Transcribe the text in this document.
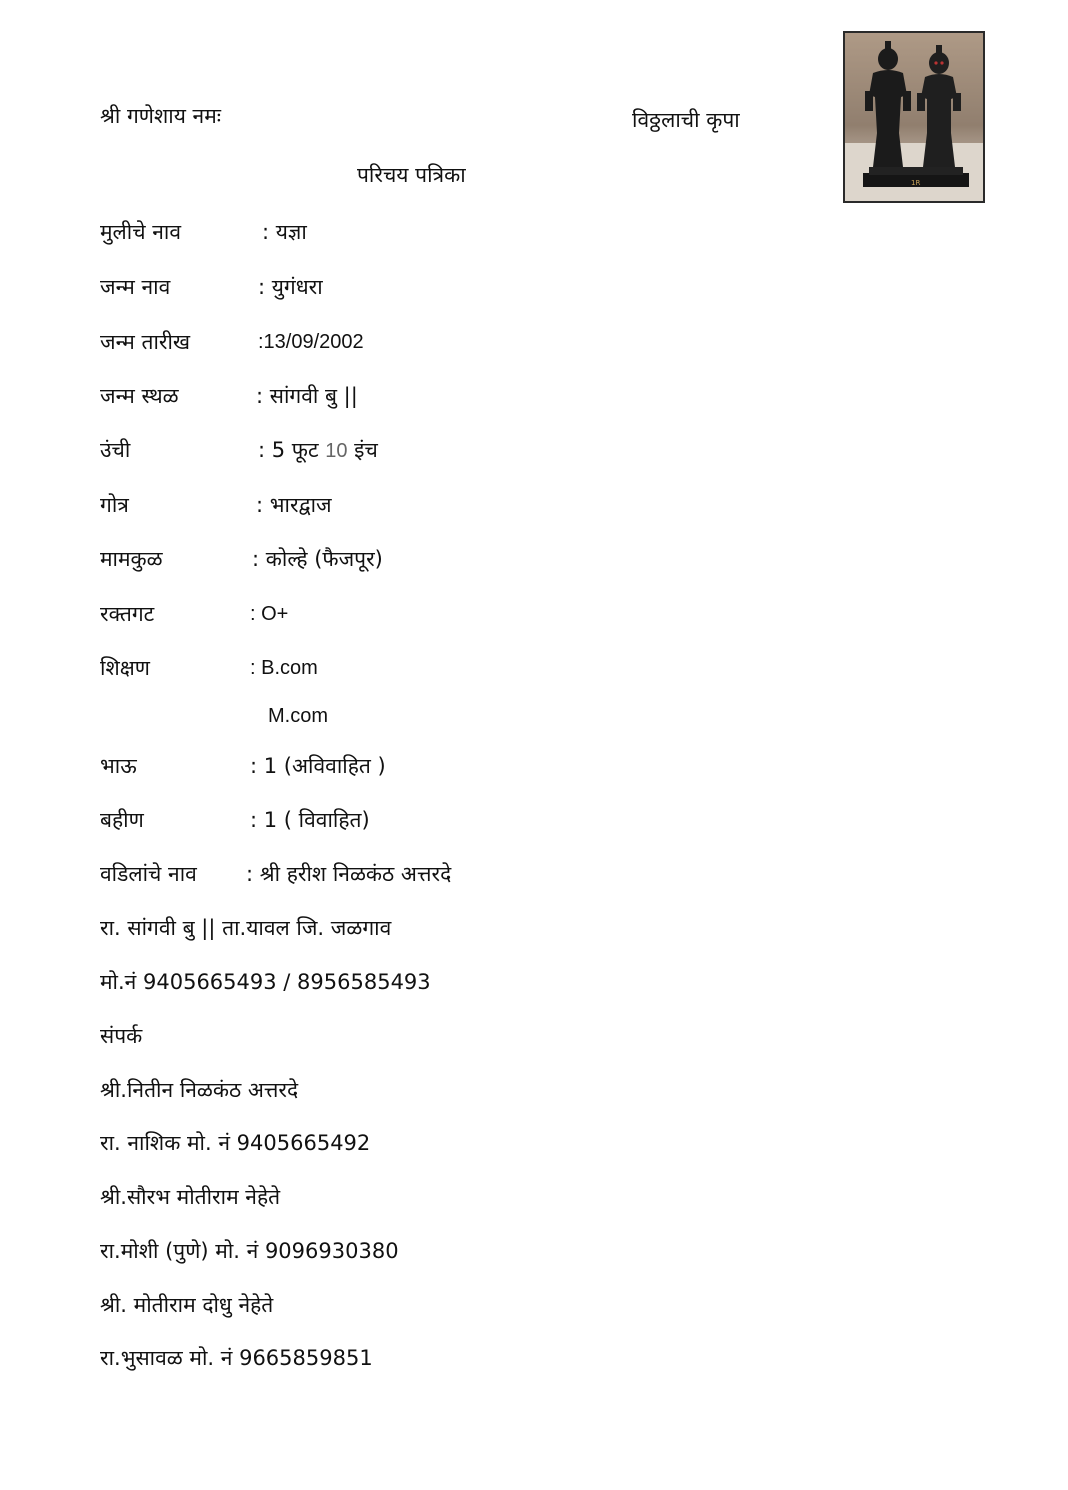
श्री गणेशाय नमः	विठ्ठलाची कृपा
परिचय पत्रिका	1R
मुलीचे नाव	: यज्ञा
जन्म नाव	: युगंधरा
जन्म तारीख	:13/09/2002
जन्म स्थळ	: सांगवी बु ||
उंची	: 5 फूट 10 इंच
गोत्र	: भारद्वाज
मामकुळ	: कोल्हे (फैजपूर)
रक्तगट	: O+
शिक्षण	: B.com
M.com
भाऊ	: 1 (अविवाहित )
बहीण	: 1 ( विवाहित)
वडिलांचे नाव : श्री हरीश निळकंठ अत्तरदे
रा. सांगवी बु || ता.यावल जि. जळगाव
मो.नं 9405665493 / 8956585493
संपर्क
श्री.नितीन निळकंठ अत्तरदे
रा. नाशिक मो. नं 9405665492
श्री.सौरभ मोतीराम नेहेते
रा.मोशी (पुणे) मो. नं 9096930380
श्री. मोतीराम दोधु नेहेते
रा.भुसावळ मो. नं 9665859851
